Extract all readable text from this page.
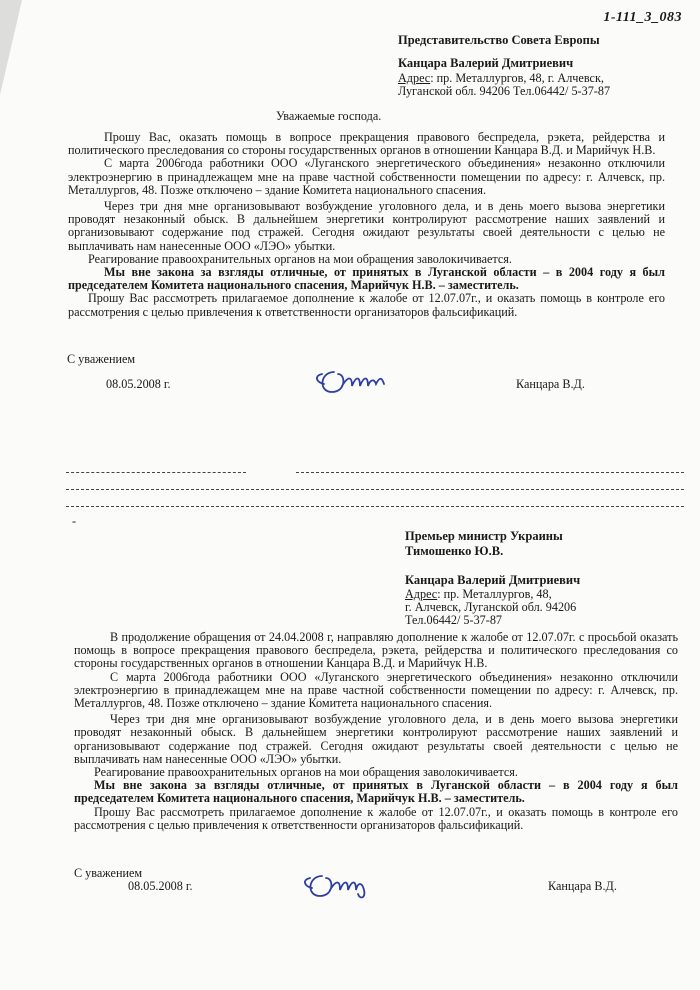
1-111_3_083
Представительство Совета Европы
Канцара Валерий Дмитриевич
Адрес: пр. Металлургов, 48, г. Алчевск,
Луганской обл. 94206 Тел.06442/ 5-37-87
Уважаемые господа.

Прошу Вас, оказать помощь в вопросе прекращения правового беспредела, рэкета, рейдерства и политического преследования со стороны государственных органов в отношении Канцара В.Д. и Марийчук Н.В.

С марта 2006года работники ООО «Луганского энергетического объединения» незаконно отключили электроэнергию в принадлежащем мне на праве частной собственности помещении по адресу: г. Алчевск, пр. Металлургов, 48. Позже отключено – здание Комитета национального спасения.

Через три дня мне организовывают возбуждение уголовного дела, и в день моего вызова энергетики проводят незаконный обыск. В дальнейшем энергетики контролируют рассмотрение наших заявлений и организовывают содержание под стражей. Сегодня ожидают результаты своей деятельности с целью не выплачивать нам нанесенные ООО «ЛЭО» убытки.

Реагирование правоохранительных органов на мои обращения заволокичивается.

Мы вне закона за взгляды отличные, от принятых в Луганской области – в 2004 году я был председателем Комитета национального спасения, Марийчук Н.В. – заместитель.

Прошу Вас рассмотреть прилагаемое дополнение к жалобе от 12.07.07г., и оказать помощь в контроле его рассмотрения с целью привлечения к ответственности организаторов фальсификаций.

С уважением
08.05.2008 г.	Канцара В.Д.
-
Премьер министр Украины
Тимошенко Ю.В.
Канцара Валерий Дмитриевич
Адрес: пр. Металлургов, 48,
г. Алчевск, Луганской обл. 94206
Тел.06442/ 5-37-87

В продолжение обращения от 24.04.2008 г, направляю дополнение к жалобе от 12.07.07г. с просьбой оказать помощь в вопросе прекращения правового беспредела, рэкета, рейдерства и политического преследования со стороны государственных органов в отношении Канцара В.Д. и Марийчук Н.В.

С марта 2006года работники ООО «Луганского энергетического объединения» незаконно отключили электроэнергию в принадлежащем мне на праве частной собственности помещении по адресу: г. Алчевск, пр. Металлургов, 48. Позже отключено – здание Комитета национального спасения.

Через три дня мне организовывают возбуждение уголовного дела, и в день моего вызова энергетики проводят незаконный обыск. В дальнейшем энергетики контролируют рассмотрение наших заявлений и организовывают содержание под стражей. Сегодня ожидают результаты своей деятельности с целью не выплачивать нам нанесенные ООО «ЛЭО» убытки.

Реагирование правоохранительных органов на мои обращения заволокичивается.

Мы вне закона за взгляды отличные, от принятых в Луганской области – в 2004 году я был председателем Комитета национального спасения, Марийчук Н.В. – заместитель.

Прошу Вас рассмотреть прилагаемое дополнение к жалобе от 12.07.07г., и оказать помощь в контроле его рассмотрения с целью привлечения к ответственности организаторов фальсификаций.

С уважением
08.05.2008 г.	Канцара В.Д.
